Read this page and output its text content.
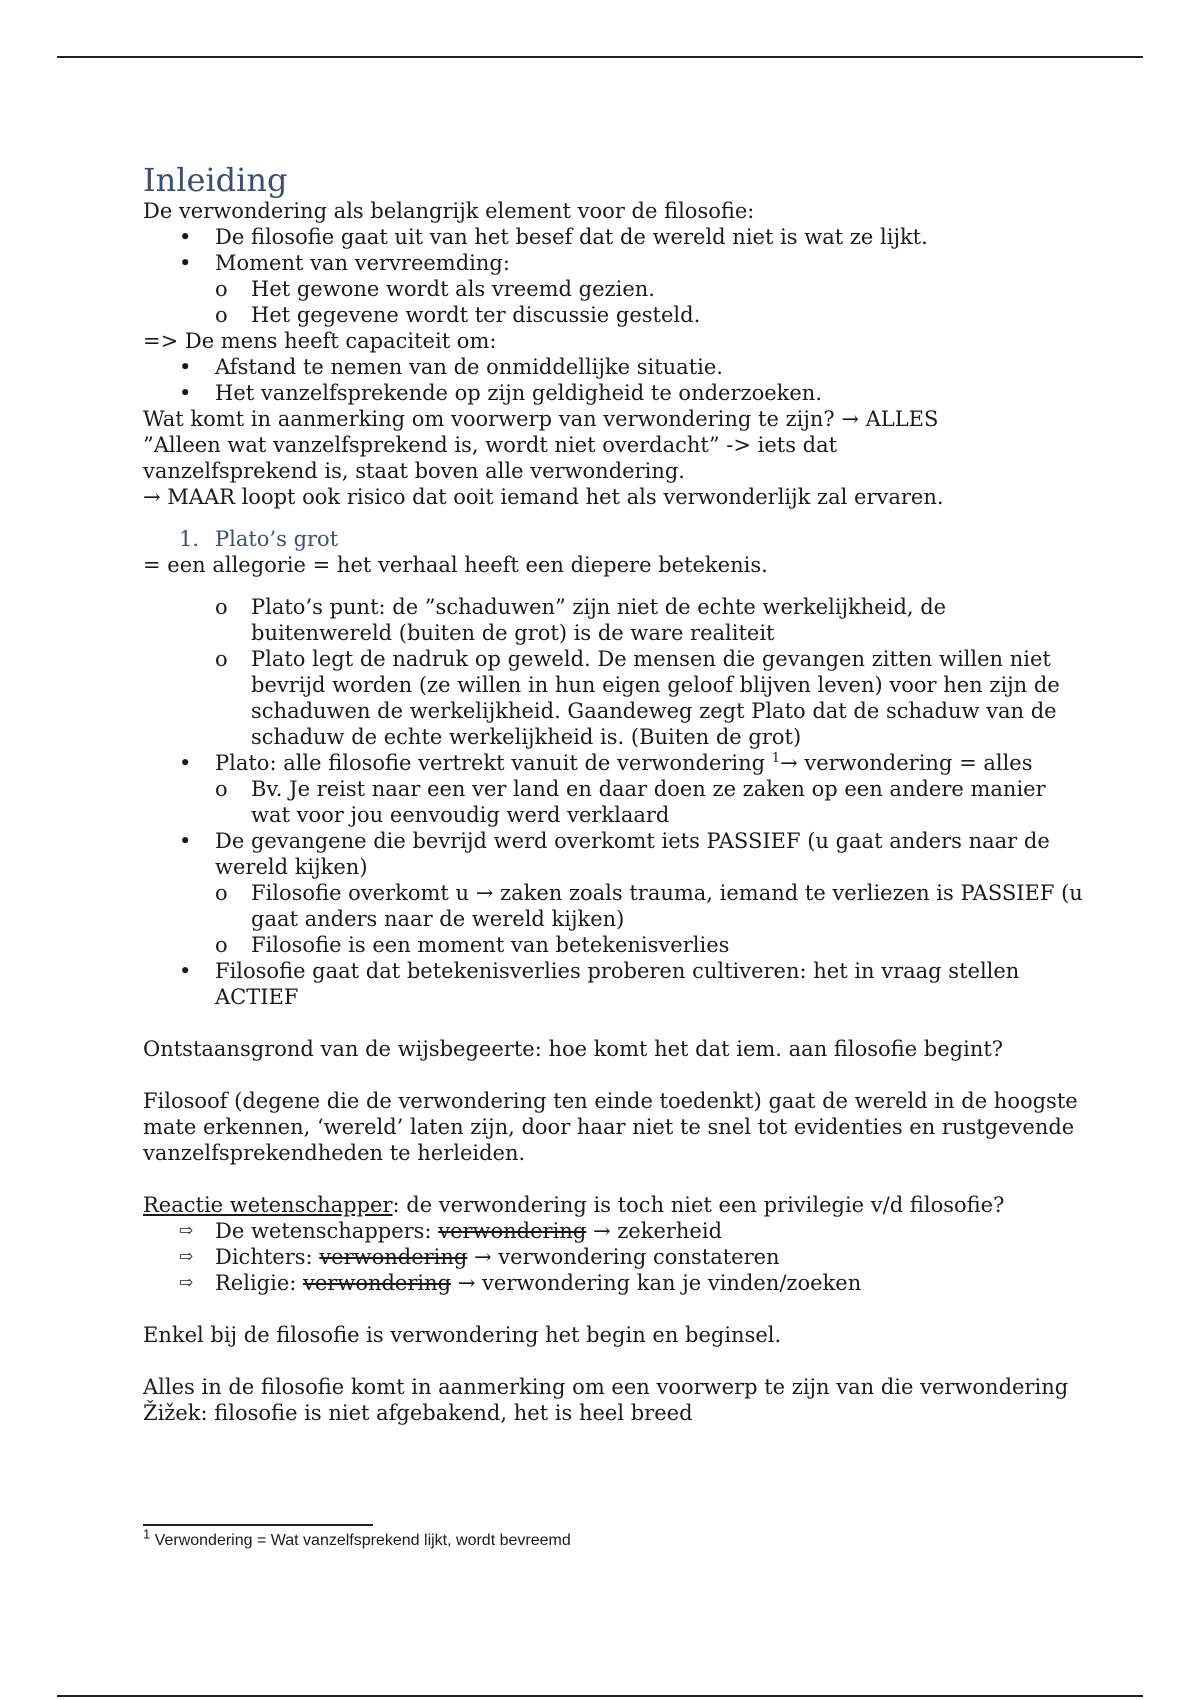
Inleiding

De verwondering als belangrijk element voor de filosofie:

• De filosofie gaat uit van het besef dat de wereld niet is wat ze lijkt.
• Moment van vervreemding:
o Het gewone wordt als vreemd gezien.
o Het gegevene wordt ter discussie gesteld.

=> De mens heeft capaciteit om:

• Afstand te nemen van de onmiddellijke situatie.
• Het vanzelfsprekende op zijn geldigheid te onderzoeken.

Wat komt in aanmerking om voorwerp van verwondering te zijn? → ALLES

”Alleen wat vanzelfsprekend is, wordt niet overdacht” -> iets dat vanzelfsprekend is, staat boven alle verwondering.

→ MAAR loopt ook risico dat ooit iemand het als verwonderlijk zal ervaren.

1. Plato’s grot

= een allegorie = het verhaal heeft een diepere betekenis.

o Plato’s punt: de ”schaduwen” zijn niet de echte werkelijkheid, de buitenwereld (buiten de grot) is de ware realiteit
o Plato legt de nadruk op geweld. De mensen die gevangen zitten willen niet bevrijd worden (ze willen in hun eigen geloof blijven leven) voor hen zijn de schaduwen de werkelijkheid. Gaandeweg zegt Plato dat de schaduw van de schaduw de echte werkelijkheid is. (Buiten de grot)
• Plato: alle filosofie vertrekt vanuit de verwondering $^1$→ verwondering = alles
o Bv. Je reist naar een ver land en daar doen ze zaken op een andere manier wat voor jou eenvoudig werd verklaard
• De gevangene die bevrijd werd overkomt iets PASSIEF (u gaat anders naar de wereld kijken)
o Filosofie overkomt u → zaken zoals trauma, iemand te verliezen is PASSIEF (u gaat anders naar de wereld kijken)
o Filosofie is een moment van betekenisverlies
• Filosofie gaat dat betekenisverlies proberen cultiveren: het in vraag stellen ACTIEF

Ontstaansgrond van de wijsbegeerte: hoe komt het dat iem. aan filosofie begint?

Filosoof (degene die de verwondering ten einde toedenkt) gaat de wereld in de hoogste mate erkennen, ‘wereld’ laten zijn, door haar niet te snel tot evidenties en rustgevende vanzelfsprekendheden te herleiden.

Reactie wetenschapper: de verwondering is toch niet een privilegie v/d filosofie?

⇨ De wetenschappers: verwondering → zekerheid
⇨ Dichters: verwondering → verwondering constateren
⇨ Religie: verwondering → verwondering kan je vinden/zoeken

Enkel bij de filosofie is verwondering het begin en beginsel.

Alles in de filosofie komt in aanmerking om een voorwerp te zijn van die verwondering Žižek: filosofie is niet afgebakend, het is heel breed

$^1$ Verwondering = Wat vanzelfsprekend lijkt, wordt bevreemd
